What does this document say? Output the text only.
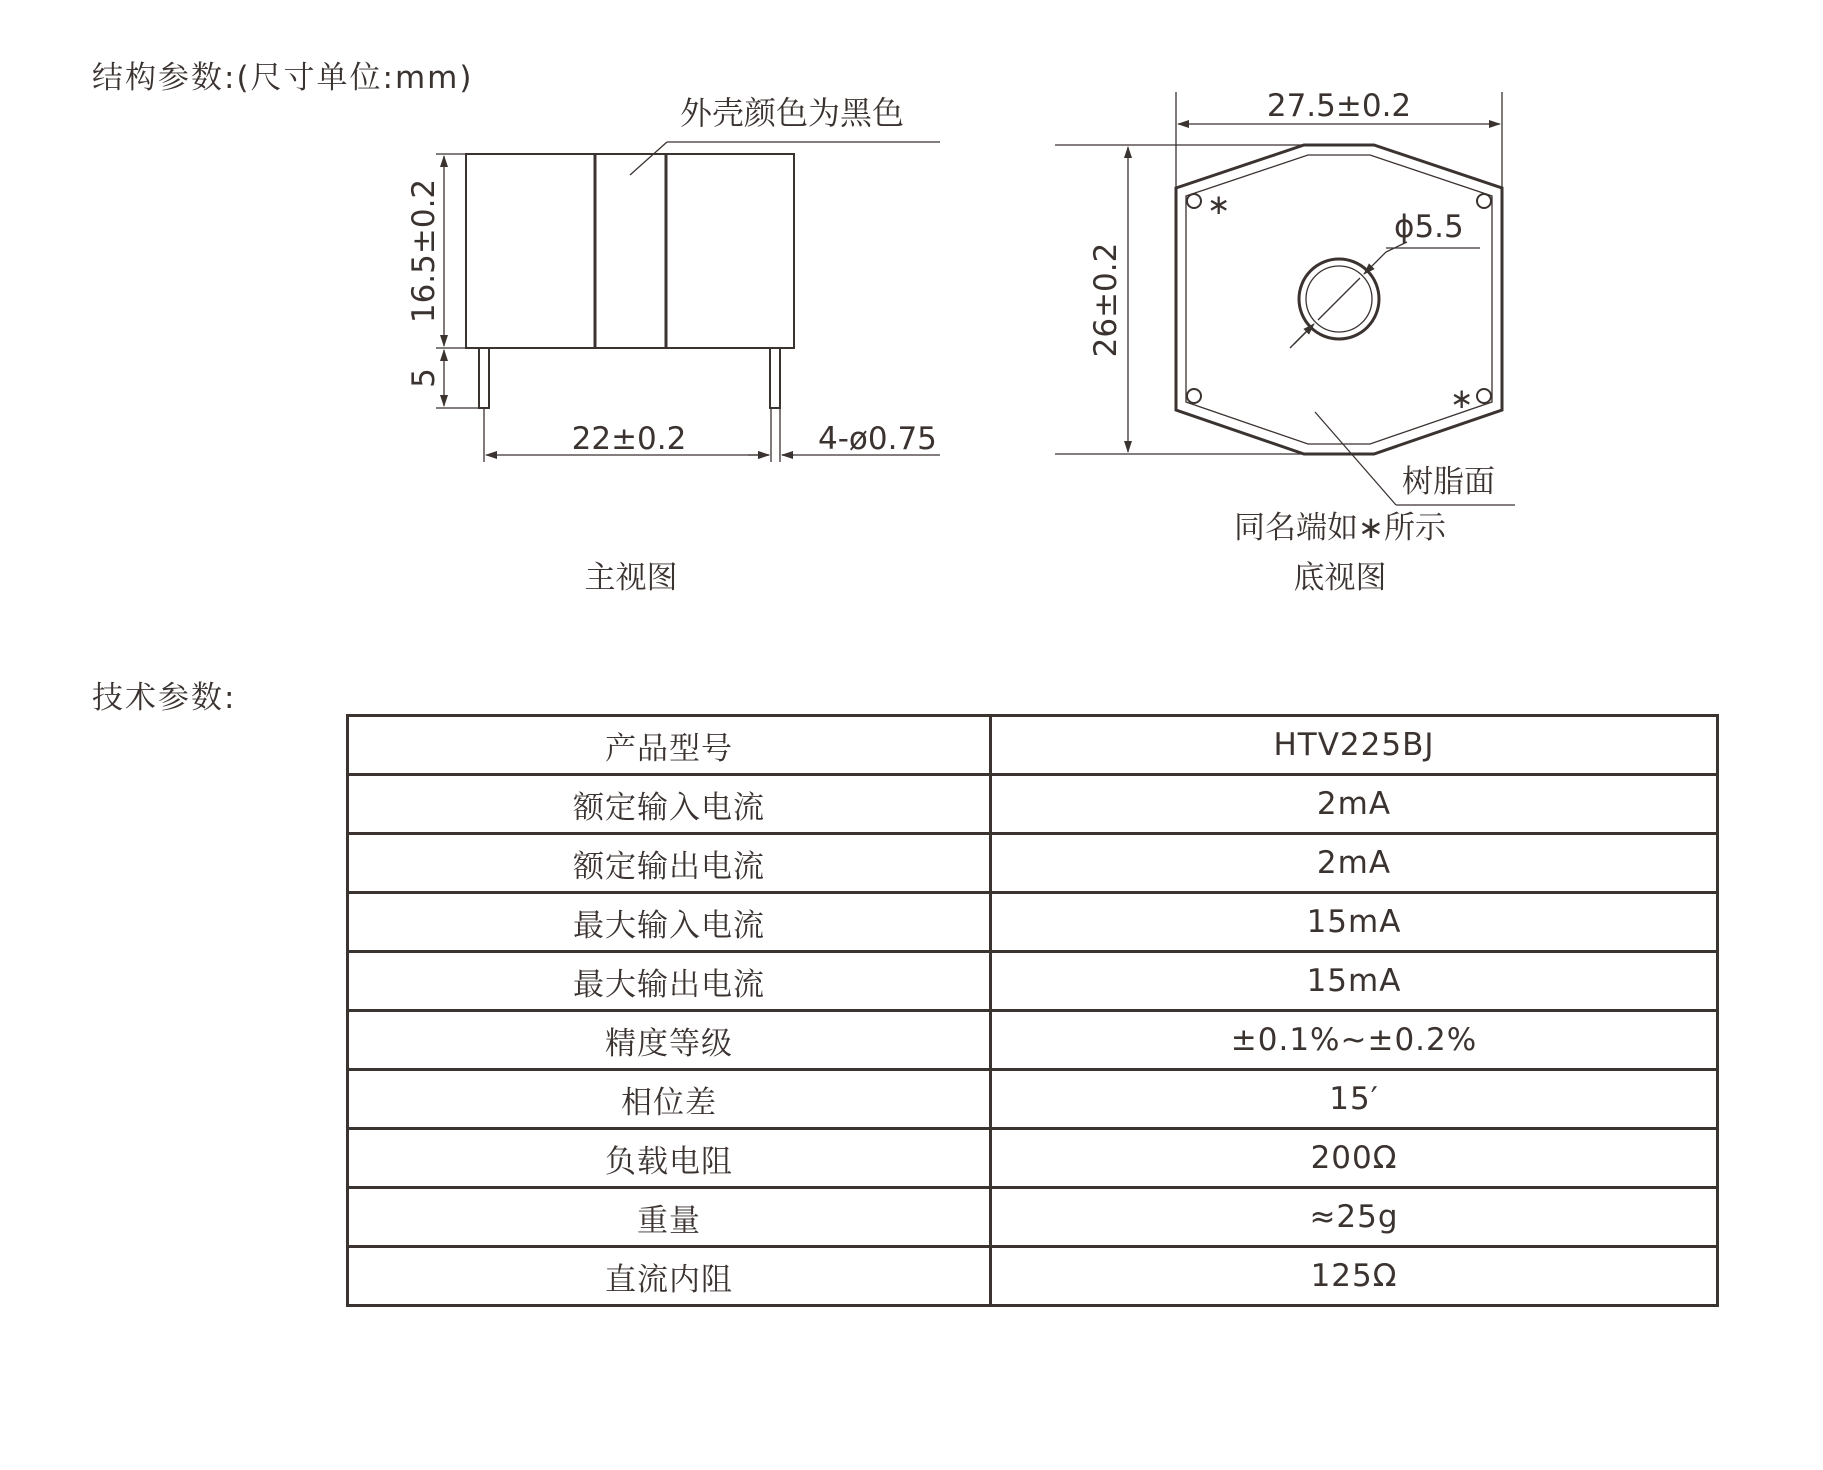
结构参数:(尺寸单位:mm)
外壳颜色为黑色
16.5±0.2
5
22±0.2	4-ø0.75
主视图
∗
∗
ϕ5.5
27.5±0.2
26±0.2
树脂面
同名端如∗所示
底视图
技术参数:
产品型号	HTV225BJ
额定输入电流	2mA
额定输出电流	2mA
最大输入电流	15mA
最大输出电流	15mA
精度等级	±0.1%~±0.2%
相位差	15′
负载电阻	200Ω
重量	≈25g
直流内阻	125Ω
